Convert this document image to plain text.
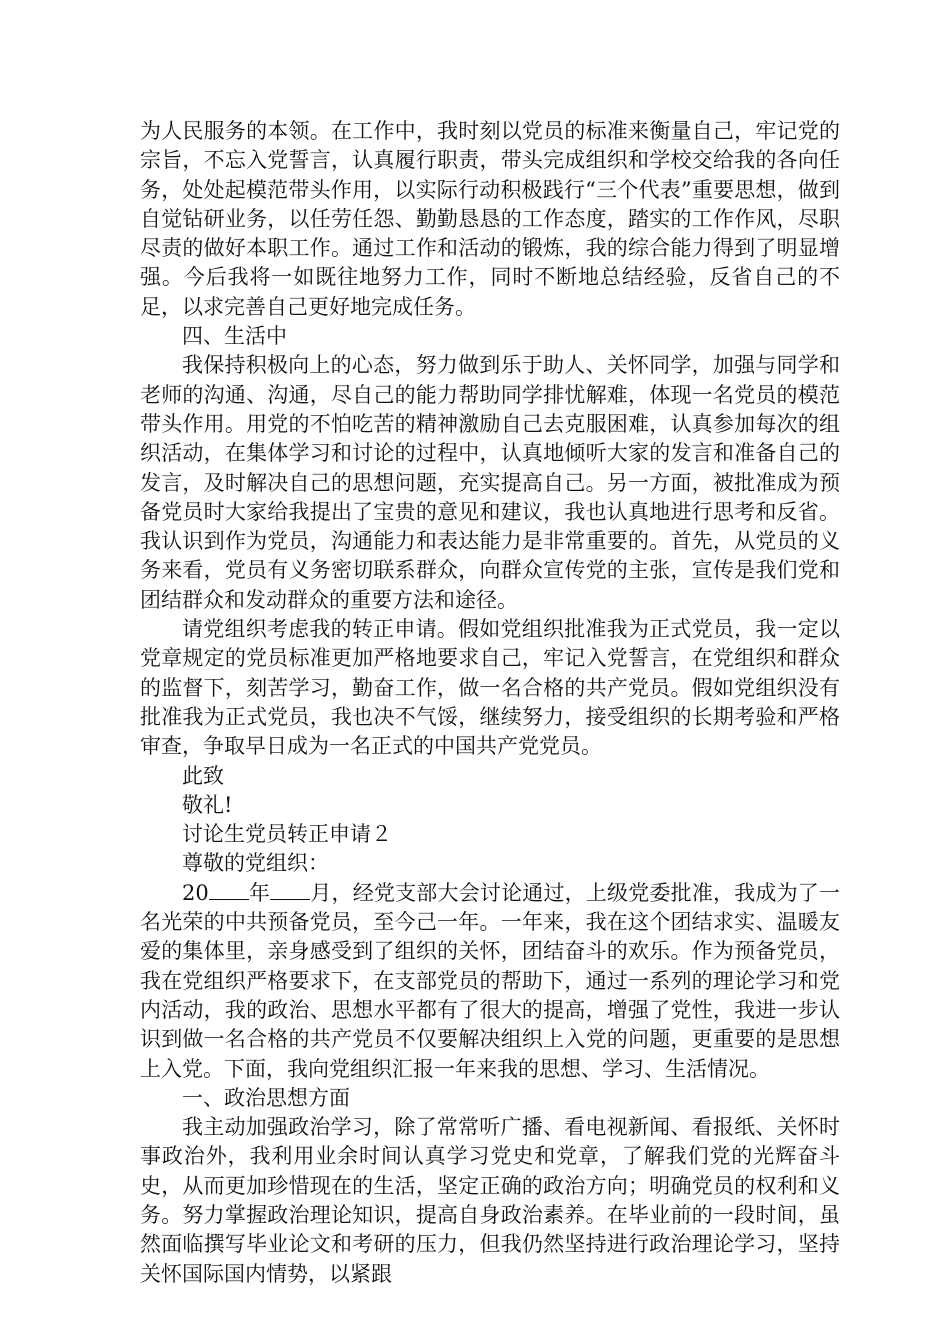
为人民服务的本领。在工作中，我时刻以党员的标准来衡量自己，牢记党的宗旨，不忘入党誓言，认真履行职责，带头完成组织和学校交给我的各向任务，处处起模范带头作用，以实际行动积极践行“三个代表”重要思想，做到自觉钻研业务，以任劳任怨、勤勤恳恳的工作态度，踏实的工作作风，尽职尽责的做好本职工作。通过工作和活动的锻炼，我的综合能力得到了明显增强。今后我将一如既往地努力工作，同时不断地总结经验，反省自己的不足，以求完善自己更好地完成任务。

四、生活中

我保持积极向上的心态，努力做到乐于助人、关怀同学，加强与同学和老师的沟通、沟通，尽自己的能力帮助同学排忧解难，体现一名党员的模范带头作用。用党的不怕吃苦的精神激励自己去克服困难，认真参加每次的组织活动，在集体学习和讨论的过程中，认真地倾听大家的发言和准备自己的发言，及时解决自己的思想问题，充实提高自己。另一方面，被批准成为预备党员时大家给我提出了宝贵的意见和建议，我也认真地进行思考和反省。我认识到作为党员，沟通能力和表达能力是非常重要的。首先，从党员的义务来看，党员有义务密切联系群众，向群众宣传党的主张，宣传是我们党和团结群众和发动群众的重要方法和途径。

请党组织考虑我的转正申请。假如党组织批准我为正式党员，我一定以党章规定的党员标准更加严格地要求自己，牢记入党誓言，在党组织和群众的监督下，刻苦学习，勤奋工作，做一名合格的共产党员。假如党组织没有批准我为正式党员，我也决不气馁，继续努力，接受组织的长期考验和严格审查，争取早日成为一名正式的中国共产党党员。

此致

敬礼!

讨论生党员转正申请２

尊敬的党组织：

20 年 月，经党支部大会讨论通过，上级党委批准，我成为了一名光荣的中共预备党员，至今己一年。一年来，我在这个团结求实、温暖友爱的集体里，亲身感受到了组织的关怀，团结奋斗的欢乐。作为预备党员，我在党组织严格要求下，在支部党员的帮助下，通过一系列的理论学习和党内活动，我的政治、思想水平都有了很大的提高，增强了党性，我进一步认识到做一名合格的共产党员不仅要解决组织上入党的问题，更重要的是思想上入党。下面，我向党组织汇报一年来我的思想、学习、生活情况。

一、政治思想方面

我主动加强政治学习，除了常常听广播、看电视新闻、看报纸、关怀时事政治外，我利用业余时间认真学习党史和党章，了解我们党的光辉奋斗史，从而更加珍惜现在的生活，坚定正确的政治方向；明确党员的权利和义务。努力掌握政治理论知识，提高自身政治素养。在毕业前的一段时间，虽然面临撰写毕业论文和考研的压力，但我仍然坚持进行政治理论学习，坚持关怀国际国内情势，以紧跟
